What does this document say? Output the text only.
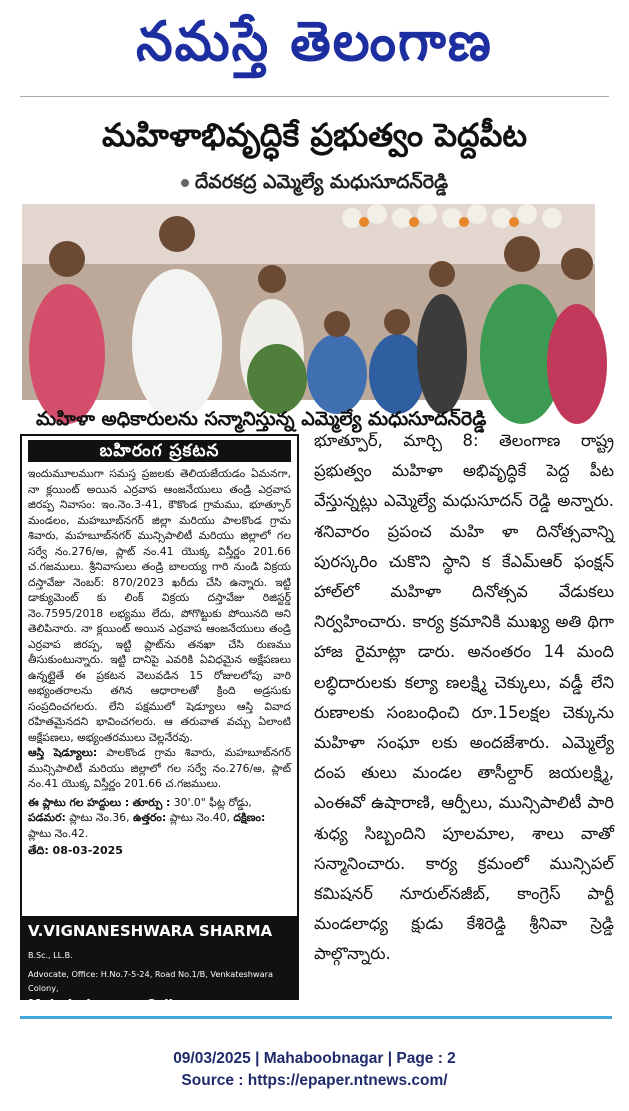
నమస్తే తెలంగాణ
మహిళాభివృద్ధికే ప్రభుత్వం పెద్దపీట
దేవరకద్ర ఎమ్మెల్యే మధుసూదన్‌రెడ్డి
మహిళా అధికారులను సన్మానిస్తున్న ఎమ్మెల్యే మధుసూదన్‌రెడ్డి
బహిరంగ ప్రకటన

ఇందుమూలముగా సమస్త ప్రజలకు తెలియజేయడం ఏమనగా, నా క్లయింట్ అయిన ఎర్రవాప ఆంజనేయులు తండ్రి ఎర్రవాప జిరప్ప నివాసం: ఇం.నెం.3-41, కౌకొండ గ్రామము, భూత్పూర్ మండలం, మహబూబ్‌నగర్ జిల్లా మరియు పాలకొండ గ్రామ శివారు, మహబూబ్‌నగర్ మున్సిపాలిటీ మరియు జిల్లాలో గల సర్వే నం.276/అ, ప్లాట్ నం.41 యొక్క విస్తీర్ణం 201.66 చ.గజములు. శ్రీనివాసులు తండ్రి బాలయ్య గారి నుండి విక్రయ దస్తావేజు నెంబర్: 870/2023 ఖరీదు చేసి ఉన్నారు. ఇట్టి డాక్యుమెంట్ కు లింక్ విక్రయ దస్తావేజు రిజిస్టర్డ్ నెం.7595/2018 లభ్యము లేదు, పోగొట్టుకు పోయినది అని తెలిపినారు. నా క్లయింట్ అయిన ఎర్రవాప ఆంజనేయులు తండ్రి ఎర్రవాప జిరప్ప, ఇట్టి ప్లాట్‌ను తనఖా చేసి రుణము తీసుకుంటున్నారు. ఇట్టి దానిపై ఎవరికి ఏవిధమైన అక్షేపణలు ఉన్నట్లైతే ఈ ప్రకటన వెలువడిన 15 రోజులలోపు వారి అభ్యంతరాలను తగిన ఆధారాలతో క్రింది అడ్రసుకు సంప్రదించగలరు. లేని పక్షములో షెడ్యూలు ఆస్తి వివాద రహితమైనదని భావించగలరు. ఆ తరువాత వచ్చు ఏలాంటి అక్షేపణలు, అభ్యంతరములు చెల్లనేరవు.

ఆస్తి షెడ్యూలు: పాలకొండ గ్రామ శివారు, మహబూబ్‌నగర్ మున్సిపాలిటీ మరియు జిల్లాలో గల సర్వే నం.276/అ, ప్లాట్ నం.41 యొక్క విస్తీర్ణం 201.66 చ.గజములు.

ఈ ప్లాటు గల హద్దులు : తూర్పు : 30'.0" ఫీట్ల రోడ్డు,
పడమర: ప్లాటు నెం.36, ఉత్తరం: ప్లాటు నెం.40, దక్షిణం:
ప్లాటు నెం.42.
తేది: 08-03-2025
V.VIGNANESHWARA SHARMA B.Sc., LL.B.
Advocate, Office: H.No.7-5-24, Road No.1/B, Venkateshwara Colony,
Mahabubnagar. Cell No.9440295065

భూత్పూర్, మార్చి 8: తెలంగాణ రాష్ట్ర ప్రభుత్వం మహిళా అభివృద్ధికే పెద్ద పీట వేస్తున్నట్లు ఎమ్మెల్యే మధుసూదన్ రెడ్డి అన్నారు. శనివారం ప్రపంచ మహి ళా దినోత్సవాన్ని పురస్కరిం చుకొని స్థాని క కేఎమ్ఆర్ ఫంక్షన్ హాల్‌లో మహిళా దినోత్సవ వేడుకలు నిర్వహించారు. కార్య క్రమానికి ముఖ్య అతి థిగా హాజ రైమాట్లా డారు. అనంతరం 14 మంది లబ్ధిదారులకు కల్యా ణలక్ష్మి చెక్కులు, వడ్డీ లేని రుణాలకు సంబంధించి రూ.15లక్షల చెక్కును మహిళా సంఘా లకు అందజేశారు. ఎమ్మెల్యే దంప తులు మండల తాసీల్దార్ జయలక్ష్మి, ఎంఈవో ఉషారాణి, ఆర్పీలు, మున్సిపాలిటీ పారి శుధ్య సిబ్బందిని పూలమాల, శాలు వాతో సన్మానించారు. కార్య క్రమంలో మున్సిపల్ కమిషనర్ నూరుల్‌నజీబ్, కాంగ్రెస్ పార్టీ మండలాధ్య క్షుడు కేశిరెడ్డి శ్రీనివా స్రెడ్డి పాల్గొన్నారు.

09/03/2025 | Mahaboobnagar | Page : 2
Source : https://epaper.ntnews.com/
